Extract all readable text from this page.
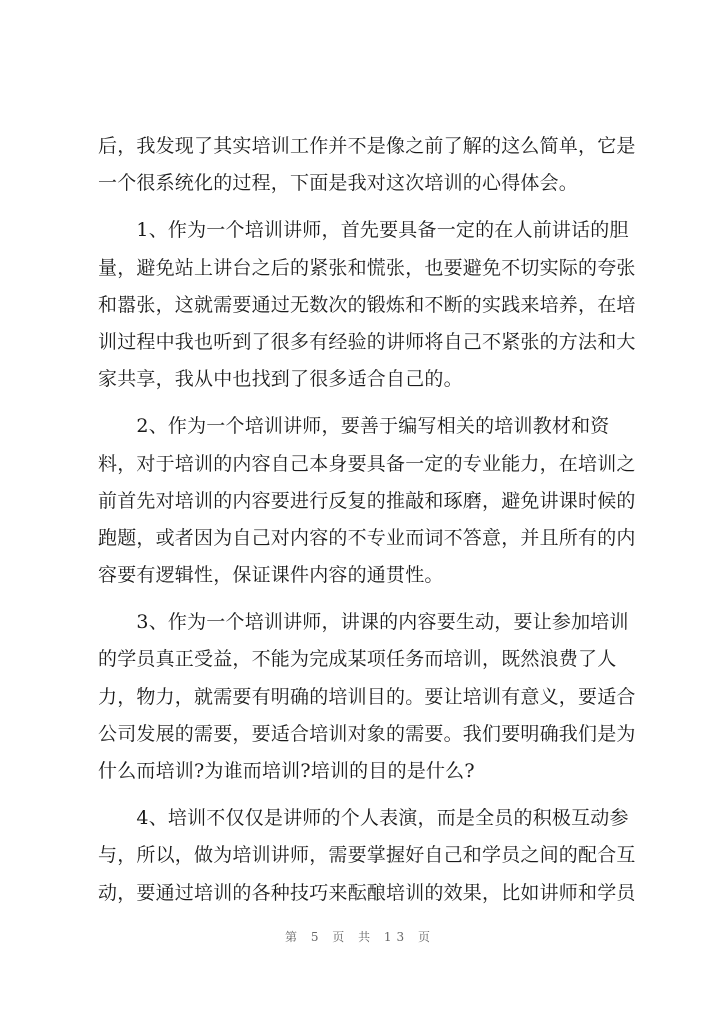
后，我发现了其实培训工作并不是像之前了解的这么简单，它是
一个很系统化的过程，下面是我对这次培训的心得体会。
　　1、作为一个培训讲师，首先要具备一定的在人前讲话的胆
量，避免站上讲台之后的紧张和慌张，也要避免不切实际的夸张
和嚣张，这就需要通过无数次的锻炼和不断的实践来培养，在培
训过程中我也听到了很多有经验的讲师将自己不紧张的方法和大
家共享，我从中也找到了很多适合自己的。
　　2、作为一个培训讲师，要善于编写相关的培训教材和资
料，对于培训的内容自己本身要具备一定的专业能力，在培训之
前首先对培训的内容要进行反复的推敲和琢磨，避免讲课时候的
跑题，或者因为自己对内容的不专业而词不答意，并且所有的内
容要有逻辑性，保证课件内容的通贯性。
　　3、作为一个培训讲师，讲课的内容要生动，要让参加培训
的学员真正受益，不能为完成某项任务而培训，既然浪费了人
力，物力，就需要有明确的培训目的。要让培训有意义，要适合
公司发展的需要，要适合培训对象的需要。我们要明确我们是为
什么而培训?为谁而培训?培训的目的是什么?
　　4、培训不仅仅是讲师的个人表演，而是全员的积极互动参
与，所以，做为培训讲师，需要掌握好自己和学员之间的配合互
动，要通过培训的各种技巧来酝酿培训的效果，比如讲师和学员
第 5 页 共 13 页
